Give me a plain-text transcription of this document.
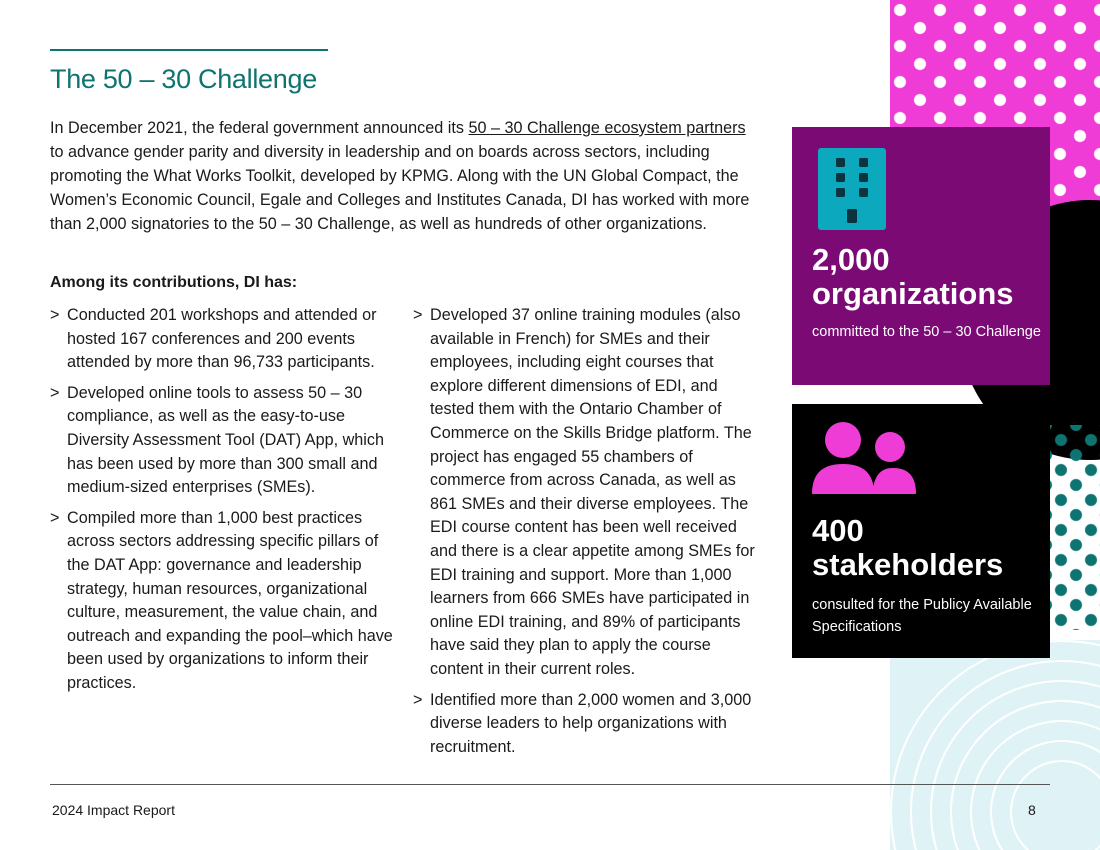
The 50 – 30 Challenge

In December 2021, the federal government announced its 50 – 30 Challenge ecosystem partners to advance gender parity and diversity in leadership and on boards across sectors, including promoting the What Works Toolkit, developed by KPMG. Along with the UN Global Compact, the Women’s Economic Council, Egale and Colleges and Institutes Canada, DI has worked with more than 2,000 signatories to the 50 – 30 Challenge, as well as hundreds of other organizations.

Among its contributions, DI has:

> Conducted 201 workshops and attended or hosted 167 conferences and 200 events attended by more than 96,733 participants.
> Developed online tools to assess 50 – 30 compliance, as well as the easy-to-use Diversity Assessment Tool (DAT) App, which has been used by more than 300 small and medium-sized enterprises (SMEs).
> Compiled more than 1,000 best practices across sectors addressing specific pillars of the DAT App: governance and leadership strategy, human resources, organizational culture, measurement, the value chain, and outreach and expanding the pool–which have been used by organizations to inform their practices.
> Developed 37 online training modules (also available in French) for SMEs and their employees, including eight courses that explore different dimensions of EDI, and tested them with the Ontario Chamber of Commerce on the Skills Bridge platform. The project has engaged 55 chambers of commerce from across Canada, as well as 861 SMEs and their diverse employees. The EDI course content has been well received and there is a clear appetite among SMEs for EDI training and support. More than 1,000 learners from 666 SMEs have participated in online EDI training, and 89% of participants have said they plan to apply the course content in their current roles.
> Identified more than 2,000 women and 3,000 diverse leaders to help organizations with recruitment.
2,000
organizations
committed to the 50 – 30 Challenge
400
stakeholders
consulted for the Publicy Available Specifications
2024 Impact Report	8
